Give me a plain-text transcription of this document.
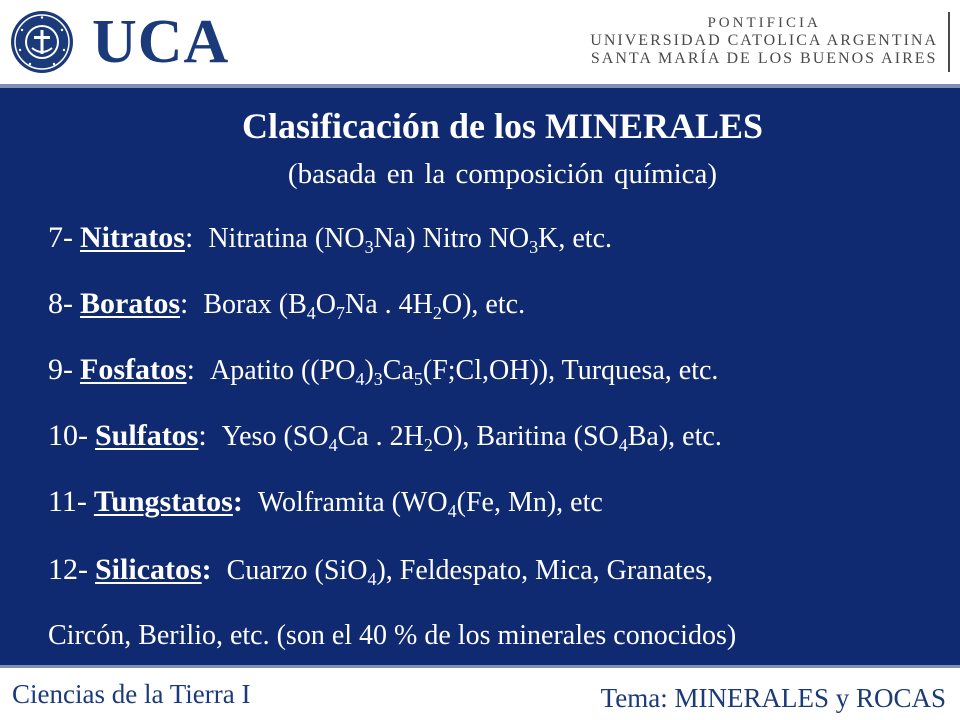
UCA	PONTIFICIA
UNIVERSIDAD CATOLICA ARGENTINA
SANTA MARÍA DE LOS BUENOS AIRES
Clasificación de los MINERALES
(basada en la composición química)
7- Nitratos: Nitratina $(NO_3Na)$ Nitro $NO_3K$, etc.
8- Boratos: Borax ($B_4O_7Na$ . $4H_2O$), etc.
9- Fosfatos: Apatito $((PO_4)_3Ca_5(F;Cl,OH))$, Turquesa, etc.
10- Sulfatos: Yeso ($SO_4Ca$ . $2H_2O$), Baritina $(SO_4Ba)$, etc.
11- Tungstatos: Wolframita ($WO_4(Fe$, Mn), etc
12- Silicatos: Cuarzo (SiO$_4$), Feldespato, Mica, Granates,
Circón, Berilio, etc. (son el 40 % de los minerales conocidos)
Ciencias de la Tierra I	Tema: MINERALES y ROCAS
